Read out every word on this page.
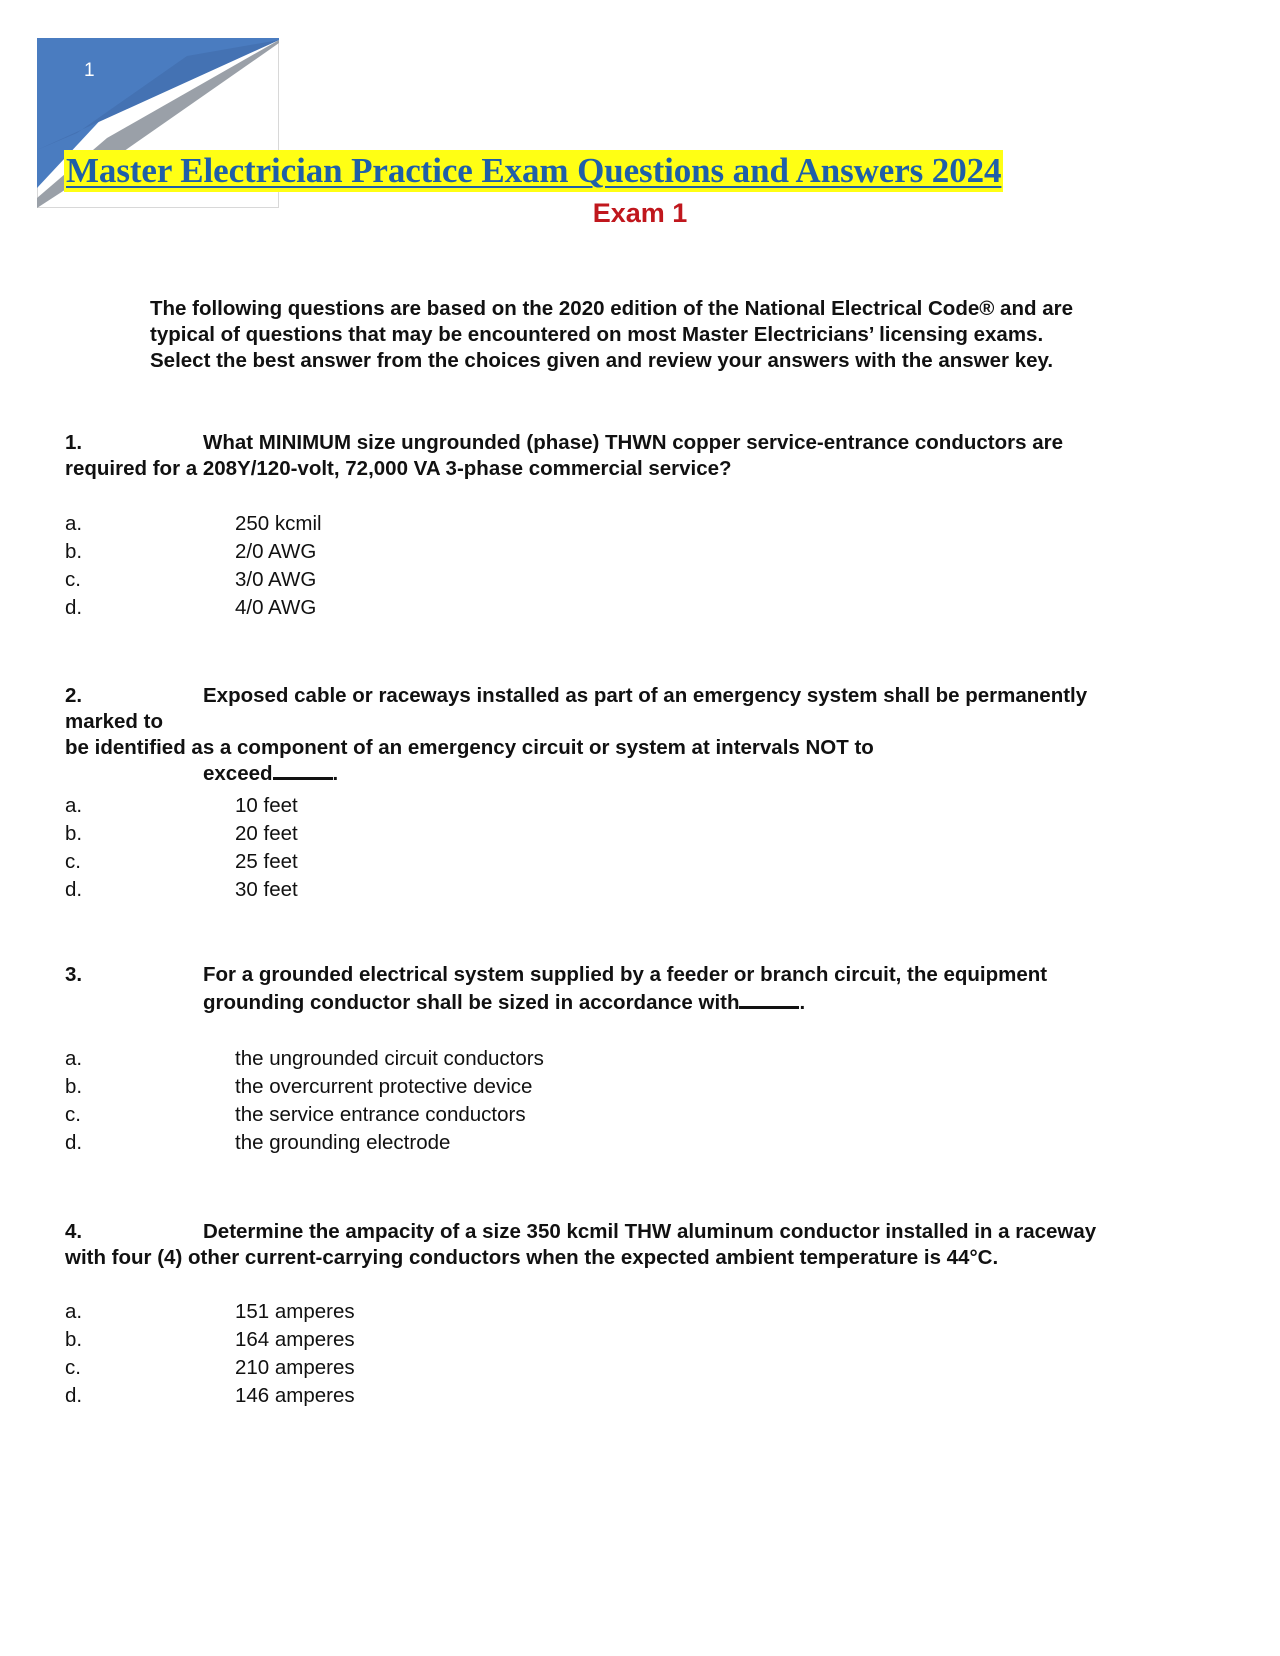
1
Master Electrician Practice Exam Questions and Answers 2024
Exam 1
The following questions are based on the 2020 edition of the National Electrical Code® and are typical of questions that may be encountered on most Master Electricians’ licensing exams. Select the best answer from the choices given and review your answers with the answer key.
1.	What MINIMUM size ungrounded (phase) THWN copper service-entrance conductors are
required for a 208Y/120-volt, 72,000 VA 3-phase commercial service?
a.	250 kcmil
b.	2/0 AWG
c.	3/0 AWG
d.	4/0 AWG
2.	Exposed cable or raceways installed as part of an emergency system shall be permanently marked to
be identified as a component of an emergency circuit or system at intervals NOT to
exceed	.
a.	10 feet
b.	20 feet
c.	25 feet
d.	30 feet
3.	For a grounded electrical system supplied by a feeder or branch circuit, the equipment
grounding conductor shall be sized in accordance with	.
a.	the ungrounded circuit conductors
b.	the overcurrent protective device
c.	the service entrance conductors
d.	the grounding electrode
4.	Determine the ampacity of a size 350 kcmil THW aluminum conductor installed in a raceway
with four (4) other current-carrying conductors when the expected ambient temperature is 44°C.
a.	151 amperes
b.	164 amperes
c.	210 amperes
d.	146 amperes
